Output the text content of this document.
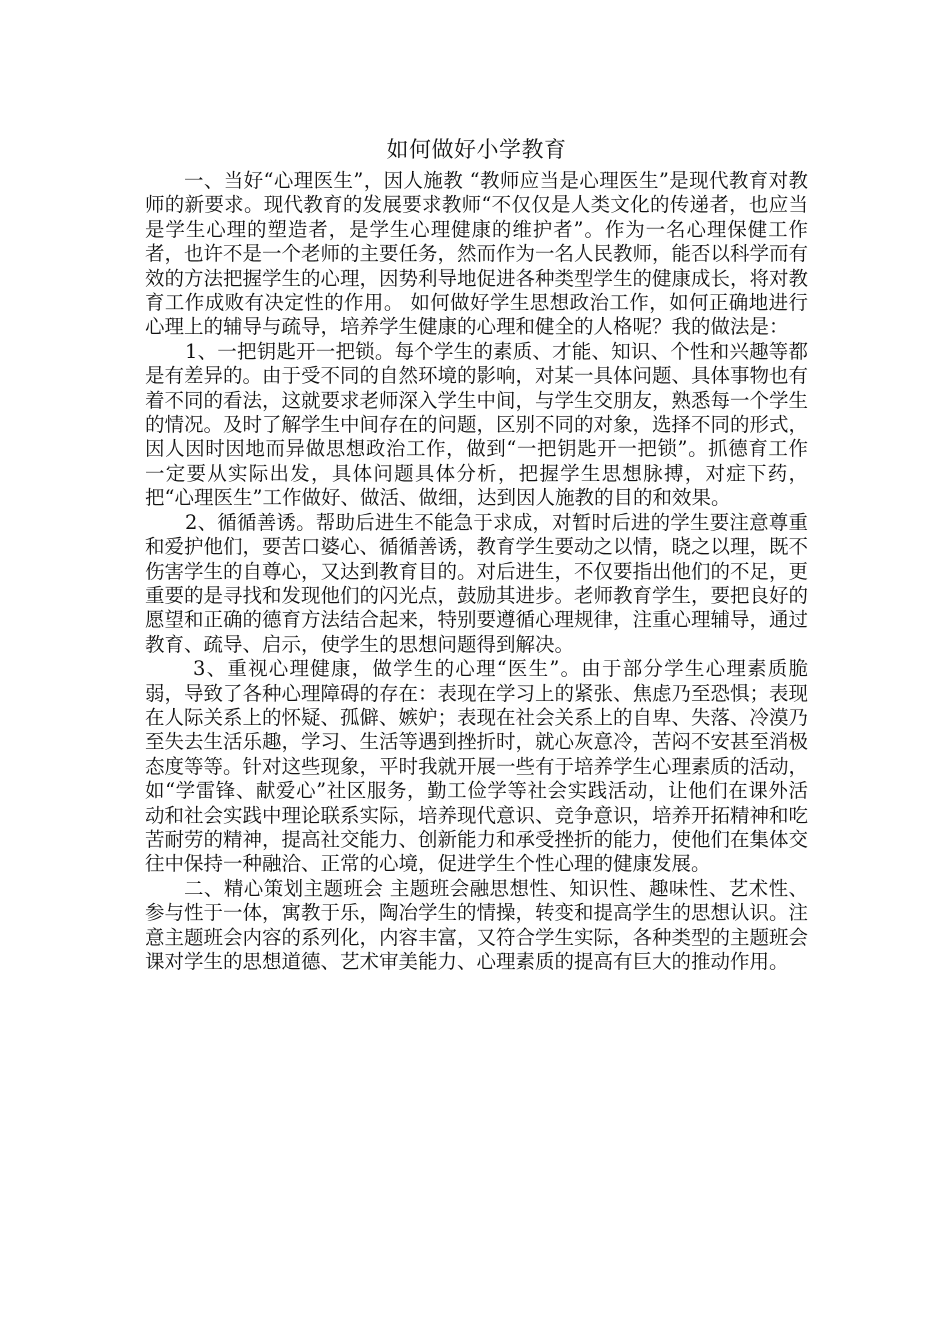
如何做好小学教育

一、当好“心理医生”，因人施教 “教师应当是心理医生”是现代教育对教师的新要求。现代教育的发展要求教师“不仅仅是人类文化的传递者，也应当是学生心理的塑造者，是学生心理健康的维护者”。作为一名心理保健工作者，也许不是一个老师的主要任务，然而作为一名人民教师，能否以科学而有效的方法把握学生的心理，因势利导地促进各种类型学生的健康成长，将对教育工作成败有决定性的作用。 如何做好学生思想政治工作，如何正确地进行心理上的辅导与疏导，培养学生健康的心理和健全的人格呢？我的做法是：

1、一把钥匙开一把锁。每个学生的素质、才能、知识、个性和兴趣等都是有差异的。由于受不同的自然环境的影响，对某一具体问题、具体事物也有着不同的看法，这就要求老师深入学生中间，与学生交朋友，熟悉每一个学生的情况。及时了解学生中间存在的问题，区别不同的对象，选择不同的形式，因人因时因地而异做思想政治工作，做到“一把钥匙开一把锁”。抓德育工作一定要从实际出发，具体问题具体分析，把握学生思想脉搏，对症下药，把“心理医生”工作做好、做活、做细，达到因人施教的目的和效果。

2、循循善诱。帮助后进生不能急于求成，对暂时后进的学生要注意尊重和爱护他们，要苦口婆心、循循善诱，教育学生要动之以情，晓之以理，既不伤害学生的自尊心，又达到教育目的。对后进生，不仅要指出他们的不足，更重要的是寻找和发现他们的闪光点，鼓励其进步。老师教育学生，要把良好的愿望和正确的德育方法结合起来，特别要遵循心理规律，注重心理辅导，通过教育、疏导、启示，使学生的思想问题得到解决。

3、重视心理健康，做学生的心理“医生”。由于部分学生心理素质脆弱，导致了各种心理障碍的存在：表现在学习上的紧张、焦虑乃至恐惧；表现在人际关系上的怀疑、孤僻、嫉妒；表现在社会关系上的自卑、失落、冷漠乃至失去生活乐趣，学习、生活等遇到挫折时，就心灰意冷，苦闷不安甚至消极态度等等。针对这些现象，平时我就开展一些有于培养学生心理素质的活动，如“学雷锋、献爱心”社区服务，勤工俭学等社会实践活动，让他们在课外活动和社会实践中理论联系实际，培养现代意识、竞争意识，培养开拓精神和吃苦耐劳的精神，提高社交能力、创新能力和承受挫折的能力，使他们在集体交往中保持一种融洽、正常的心境，促进学生个性心理的健康发展。

二、精心策划主题班会 主题班会融思想性、知识性、趣味性、艺术性、参与性于一体，寓教于乐，陶冶学生的情操，转变和提高学生的思想认识。注意主题班会内容的系列化，内容丰富，又符合学生实际，各种类型的主题班会课对学生的思想道德、艺术审美能力、心理素质的提高有巨大的推动作用。
